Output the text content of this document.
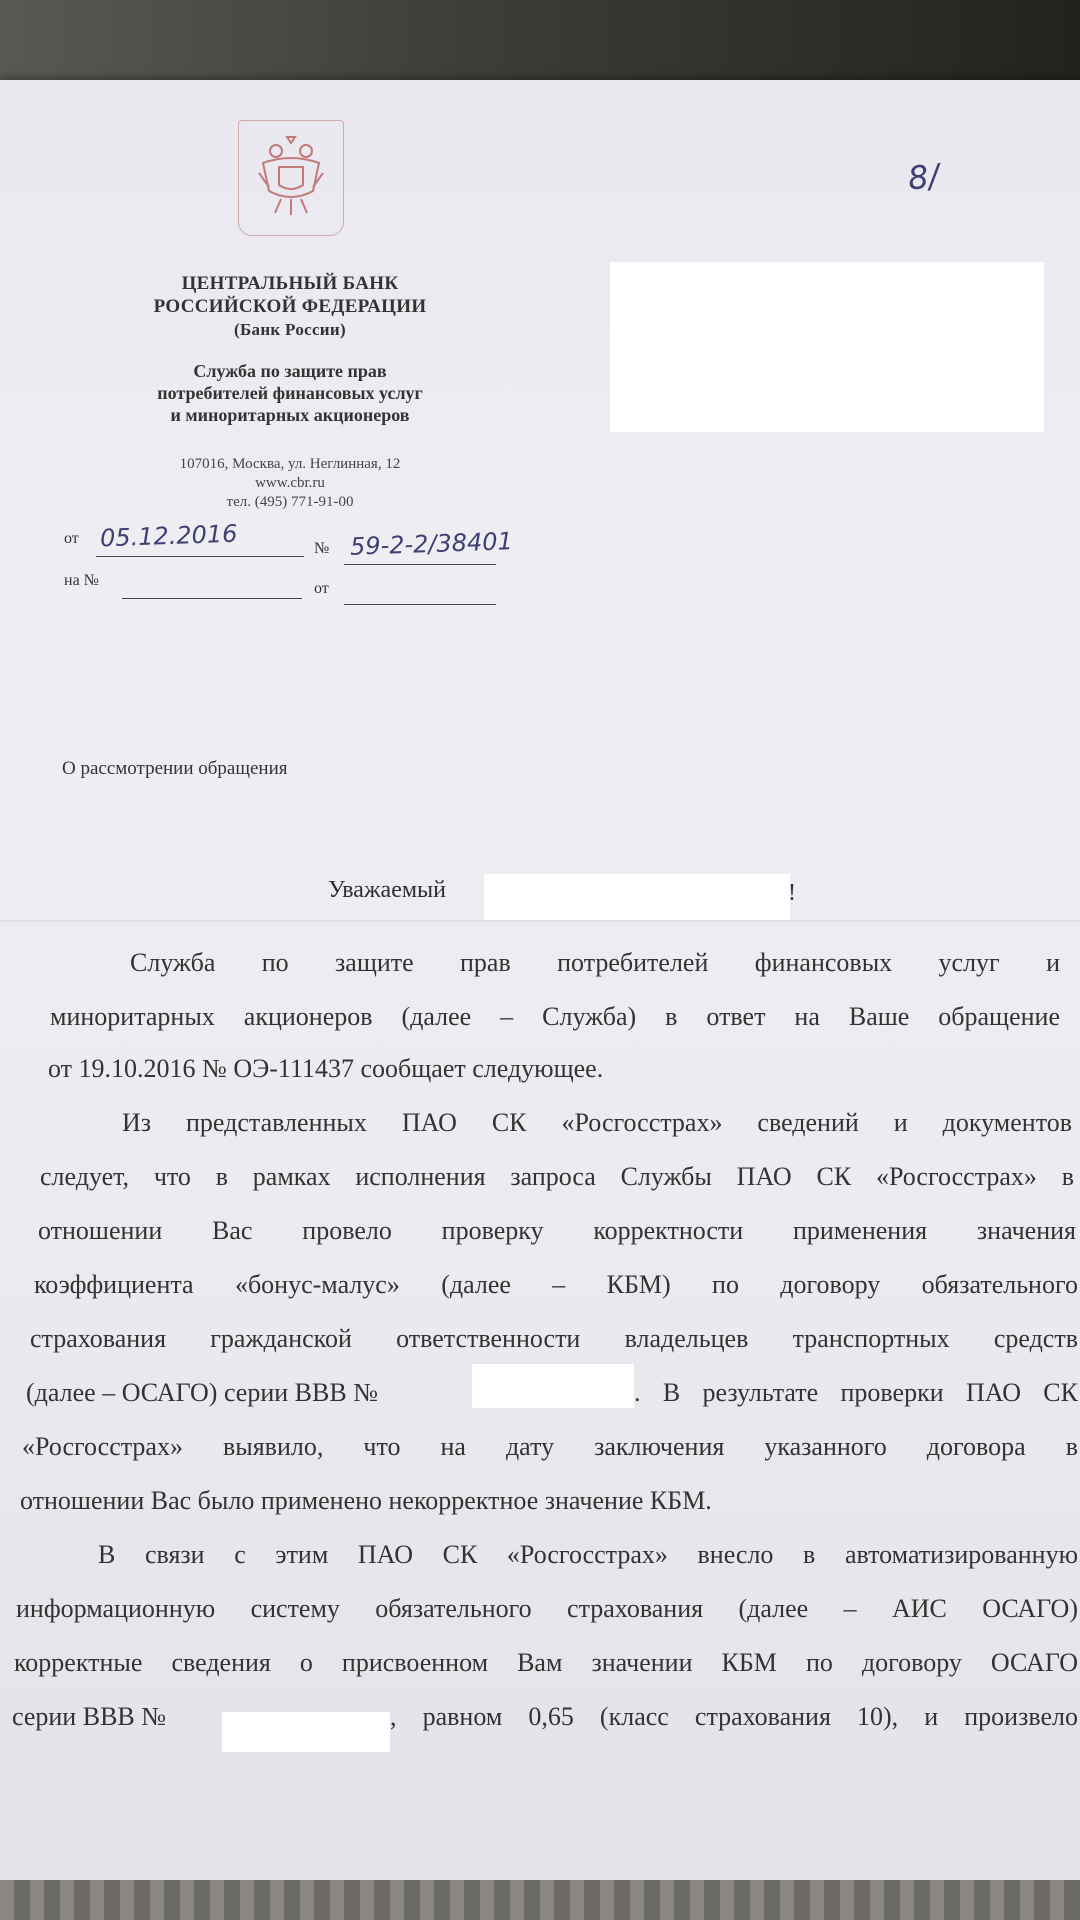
ЦЕНТРАЛЬНЫЙ БАНК
РОССИЙСКОЙ ФЕДЕРАЦИИ
(Банк России)
Служба по защите прав
потребителей финансовых услуг
и миноритарных акционеров
107016, Москва, ул. Неглинная, 12
www.cbr.ru
тел. (495) 771-91-00
8/
от 05.12.2016	№ 59-2-2/38401
на №	от
О рассмотрении обращения
Уважаемый	!
Служба по защите прав потребителей финансовых услуг и
миноритарных акционеров (далее – Служба) в ответ на Ваше обращение
от 19.10.2016 № ОЭ-111437 сообщает следующее.
Из представленных ПАО СК «Росгосстрах» сведений и документов
следует, что в рамках исполнения запроса Службы ПАО СК «Росгосстрах» в
отношении Вас провело проверку корректности применения значения
коэффициента «бонус-малус» (далее – КБМ) по договору обязательного
страхования гражданской ответственности владельцев транспортных средств
(далее – ОСАГО) серии ВВВ №	. В результате проверки ПАО СК
«Росгосстрах» выявило, что на дату заключения указанного договора в
отношении Вас было применено некорректное значение КБМ.
В связи с этим ПАО СК «Росгосстрах» внесло в автоматизированную
информационную систему обязательного страхования (далее – АИС ОСАГО)
корректные сведения о присвоенном Вам значении КБМ по договору ОСАГО
серии ВВВ №	, равном 0,65 (класс страхования 10), и произвело
